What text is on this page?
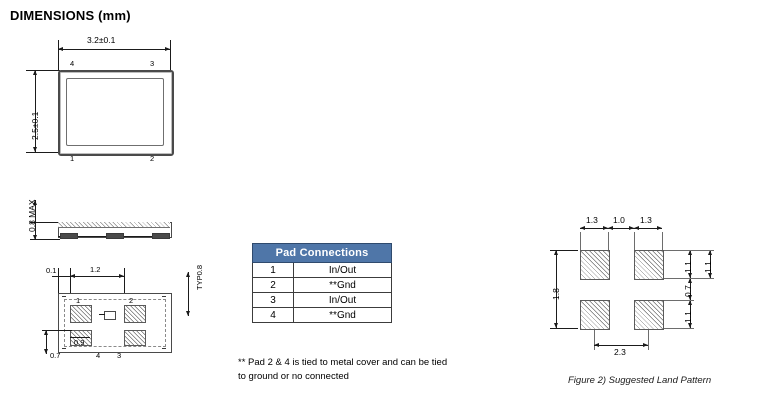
DIMENSIONS (mm)
3.2±0.1
2.5±0.1
4	3
1	2
0.8 MAX
0.1	1.2	TYP0.8
0.9
0.7
1	2
4 3
Pad Connections	
1	In/Out
2	**Gnd
3	In/Out
4	**Gnd
** Pad 2 & 4 is tied to metal cover and can be tied to ground or no connected
1.3 1.0 1.3
1.8
1.1
0.7
1.1
1.1
2.3
Figure 2) Suggested Land Pattern
